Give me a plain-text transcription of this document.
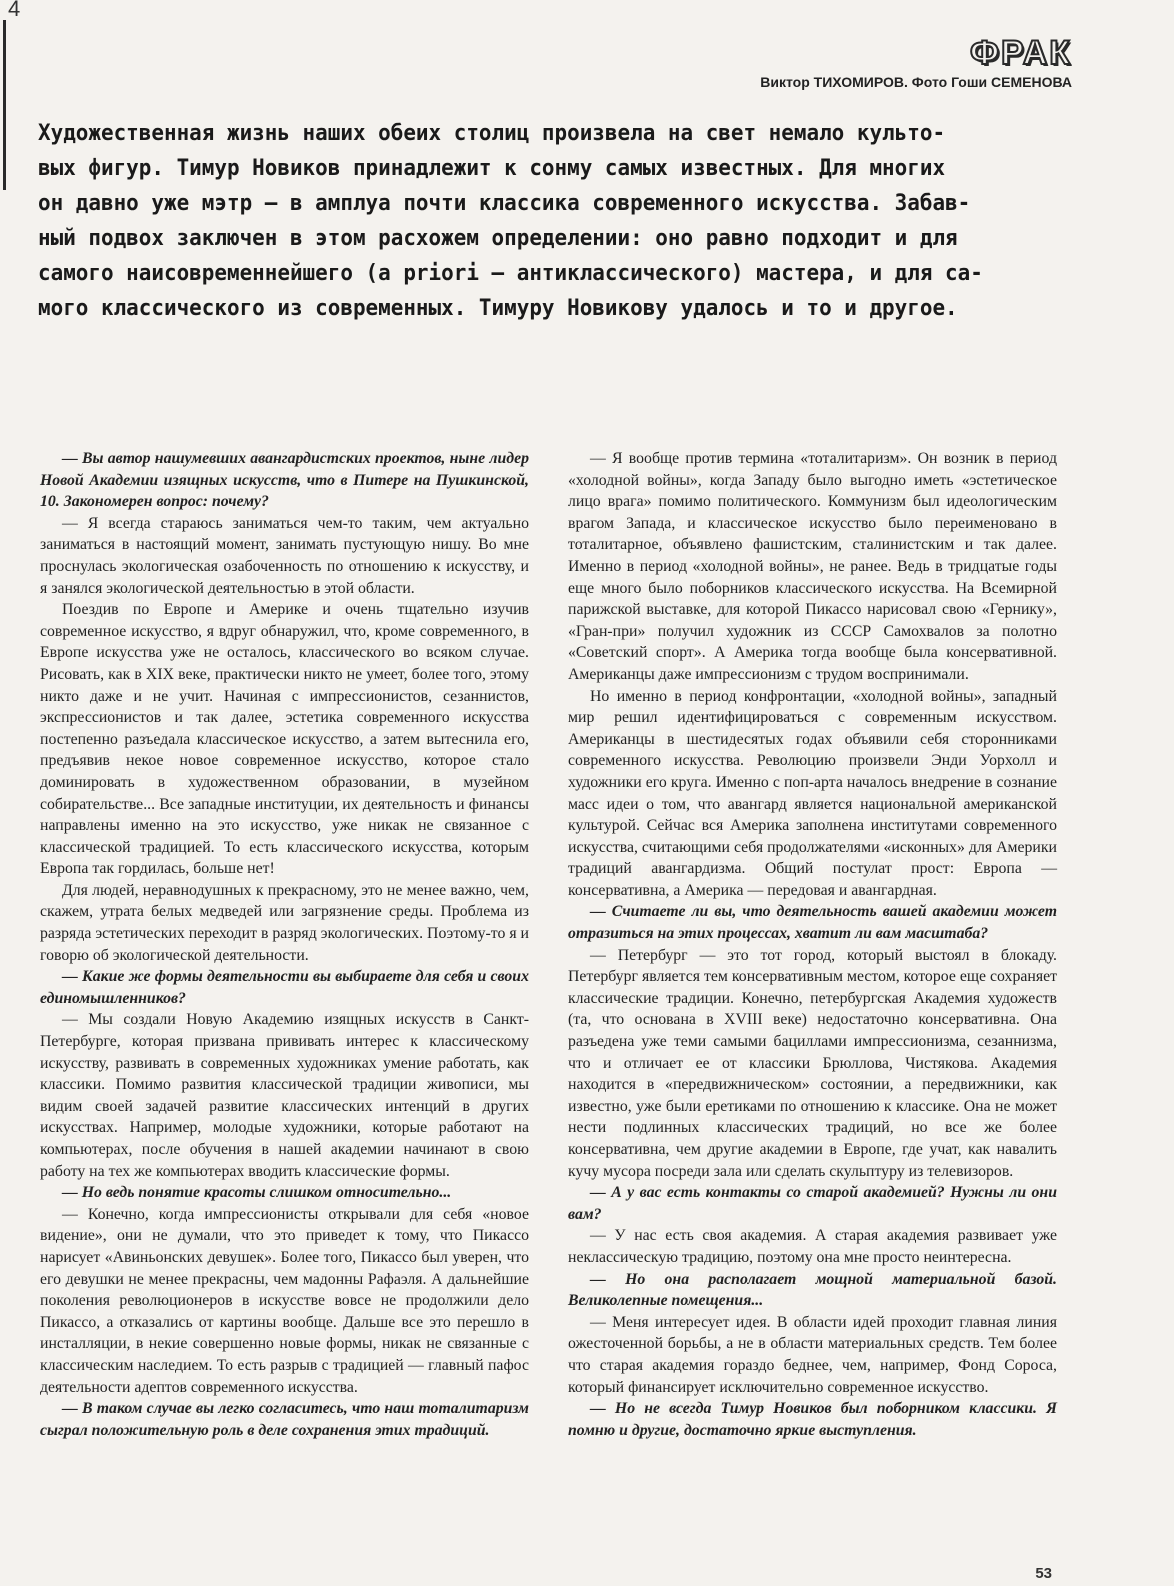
4
ФРАК
Виктор ТИХОМИРОВ. Фото Гоши СЕМЕНОВА
Художественная жизнь наших обеих столиц произвела на свет немало культо-
вых фигур. Тимур Новиков принадлежит к сонму самых известных. Для многих
он давно уже мэтр — в амплуа почти классика современного искусства. Забав-
ный подвох заключен в этом расхожем определении: оно равно подходит и для
самого наисовременнейшего (a priori — антиклассического) мастера, и для са-
мого классического из современных. Тимуру Новикову удалось и то и другое.

— Вы автор нашумевших авангардистских проектов, ныне лидер Новой Академии изящных искусств, что в Питере на Пушкинской, 10. Закономерен вопрос: почему?

— Я всегда стараюсь заниматься чем-то таким, чем актуально заниматься в настоящий момент, занимать пустующую нишу. Во мне проснулась экологическая озабоченность по отношению к искусству, и я занялся экологической деятельностью в этой области.

Поездив по Европе и Америке и очень тщательно изучив современное искусство, я вдруг обнаружил, что, кроме современного, в Европе искусства уже не осталось, классического во всяком случае. Рисовать, как в XIX веке, практически никто не умеет, более того, этому никто даже и не учит. Начиная с импрессионистов, сезаннистов, экспрессионистов и так далее, эстетика современного искусства постепенно разъедала классическое искусство, а затем вытеснила его, предъявив некое новое современное искусство, которое стало доминировать в художественном образовании, в музейном собирательстве... Все западные институции, их деятельность и финансы направлены именно на это искусство, уже никак не связанное с классической традицией. То есть классического искусства, которым Европа так гордилась, больше нет!

Для людей, неравнодушных к прекрасному, это не менее важно, чем, скажем, утрата белых медведей или загрязнение среды. Проблема из разряда эстетических переходит в разряд экологических. Поэтому-то я и говорю об экологической деятельности.

— Какие же формы деятельности вы выбираете для себя и своих единомышленников?

— Мы создали Новую Академию изящных искусств в Санкт-Петербурге, которая призвана прививать интерес к классическому искусству, развивать в современных художниках умение работать, как классики. Помимо развития классической традиции живописи, мы видим своей задачей развитие классических интенций в других искусствах. Например, молодые художники, которые работают на компьютерах, после обучения в нашей академии начинают в свою работу на тех же компьютерах вводить классические формы.

— Но ведь понятие красоты слишком относительно...

— Конечно, когда импрессионисты открывали для себя «новое видение», они не думали, что это приведет к тому, что Пикассо нарисует «Авиньонских девушек». Более того, Пикассо был уверен, что его девушки не менее прекрасны, чем мадонны Рафаэля. А дальнейшие поколения революционеров в искусстве вовсе не продолжили дело Пикассо, а отказались от картины вообще. Дальше все это перешло в инсталляции, в некие совершенно новые формы, никак не связанные с классическим наследием. То есть разрыв с традицией — главный пафос деятельности адептов современного искусства.

— В таком случае вы легко согласитесь, что наш тоталитаризм сыграл положительную роль в деле сохранения этих традиций.

— Я вообще против термина «тоталитаризм». Он возник в период «холодной войны», когда Западу было выгодно иметь «эстетическое лицо врага» помимо политического. Коммунизм был идеологическим врагом Запада, и классическое искусство было переименовано в тоталитарное, объявлено фашистским, сталинистским и так далее. Именно в период «холодной войны», не ранее. Ведь в тридцатые годы еще много было поборников классического искусства. На Всемирной парижской выставке, для которой Пикассо нарисовал свою «Гернику», «Гран-при» получил художник из СССР Самохвалов за полотно «Советский спорт». А Америка тогда вообще была консервативной. Американцы даже импрессионизм с трудом воспринимали.

Но именно в период конфронтации, «холодной войны», западный мир решил идентифицироваться с современным искусством. Американцы в шестидесятых годах объявили себя сторонниками современного искусства. Революцию произвели Энди Уорхолл и художники его круга. Именно с поп-арта началось внедрение в сознание масс идеи о том, что авангард является национальной американской культурой. Сейчас вся Америка заполнена институтами современного искусства, считающими себя продолжателями «исконных» для Америки традиций авангардизма. Общий постулат прост: Европа — консервативна, а Америка — передовая и авангардная.

— Считаете ли вы, что деятельность вашей академии может отразиться на этих процессах, хватит ли вам масштаба?

— Петербург — это тот город, который выстоял в блокаду. Петербург является тем консервативным местом, которое еще сохраняет классические традиции. Конечно, петербургская Академия художеств (та, что основана в XVIII веке) недостаточно консервативна. Она разъедена уже теми самыми бациллами импрессионизма, сезаннизма, что и отличает ее от классики Брюллова, Чистякова. Академия находится в «передвижническом» состоянии, а передвижники, как известно, уже были еретиками по отношению к классике. Она не может нести подлинных классических традиций, но все же более консервативна, чем другие академии в Европе, где учат, как навалить кучу мусора посреди зала или сделать скульптуру из телевизоров.

— А у вас есть контакты со старой академией? Нужны ли они вам?

— У нас есть своя академия. А старая академия развивает уже неклассическую традицию, поэтому она мне просто неинтересна.

— Но она располагает мощной материальной базой. Великолепные помещения...

— Меня интересует идея. В области идей проходит главная линия ожесточенной борьбы, а не в области материальных средств. Тем более что старая академия гораздо беднее, чем, например, Фонд Сороса, который финансирует исключительно современное искусство.

— Но не всегда Тимур Новиков был поборником классики. Я помню и другие, достаточно яркие выступления.

53
